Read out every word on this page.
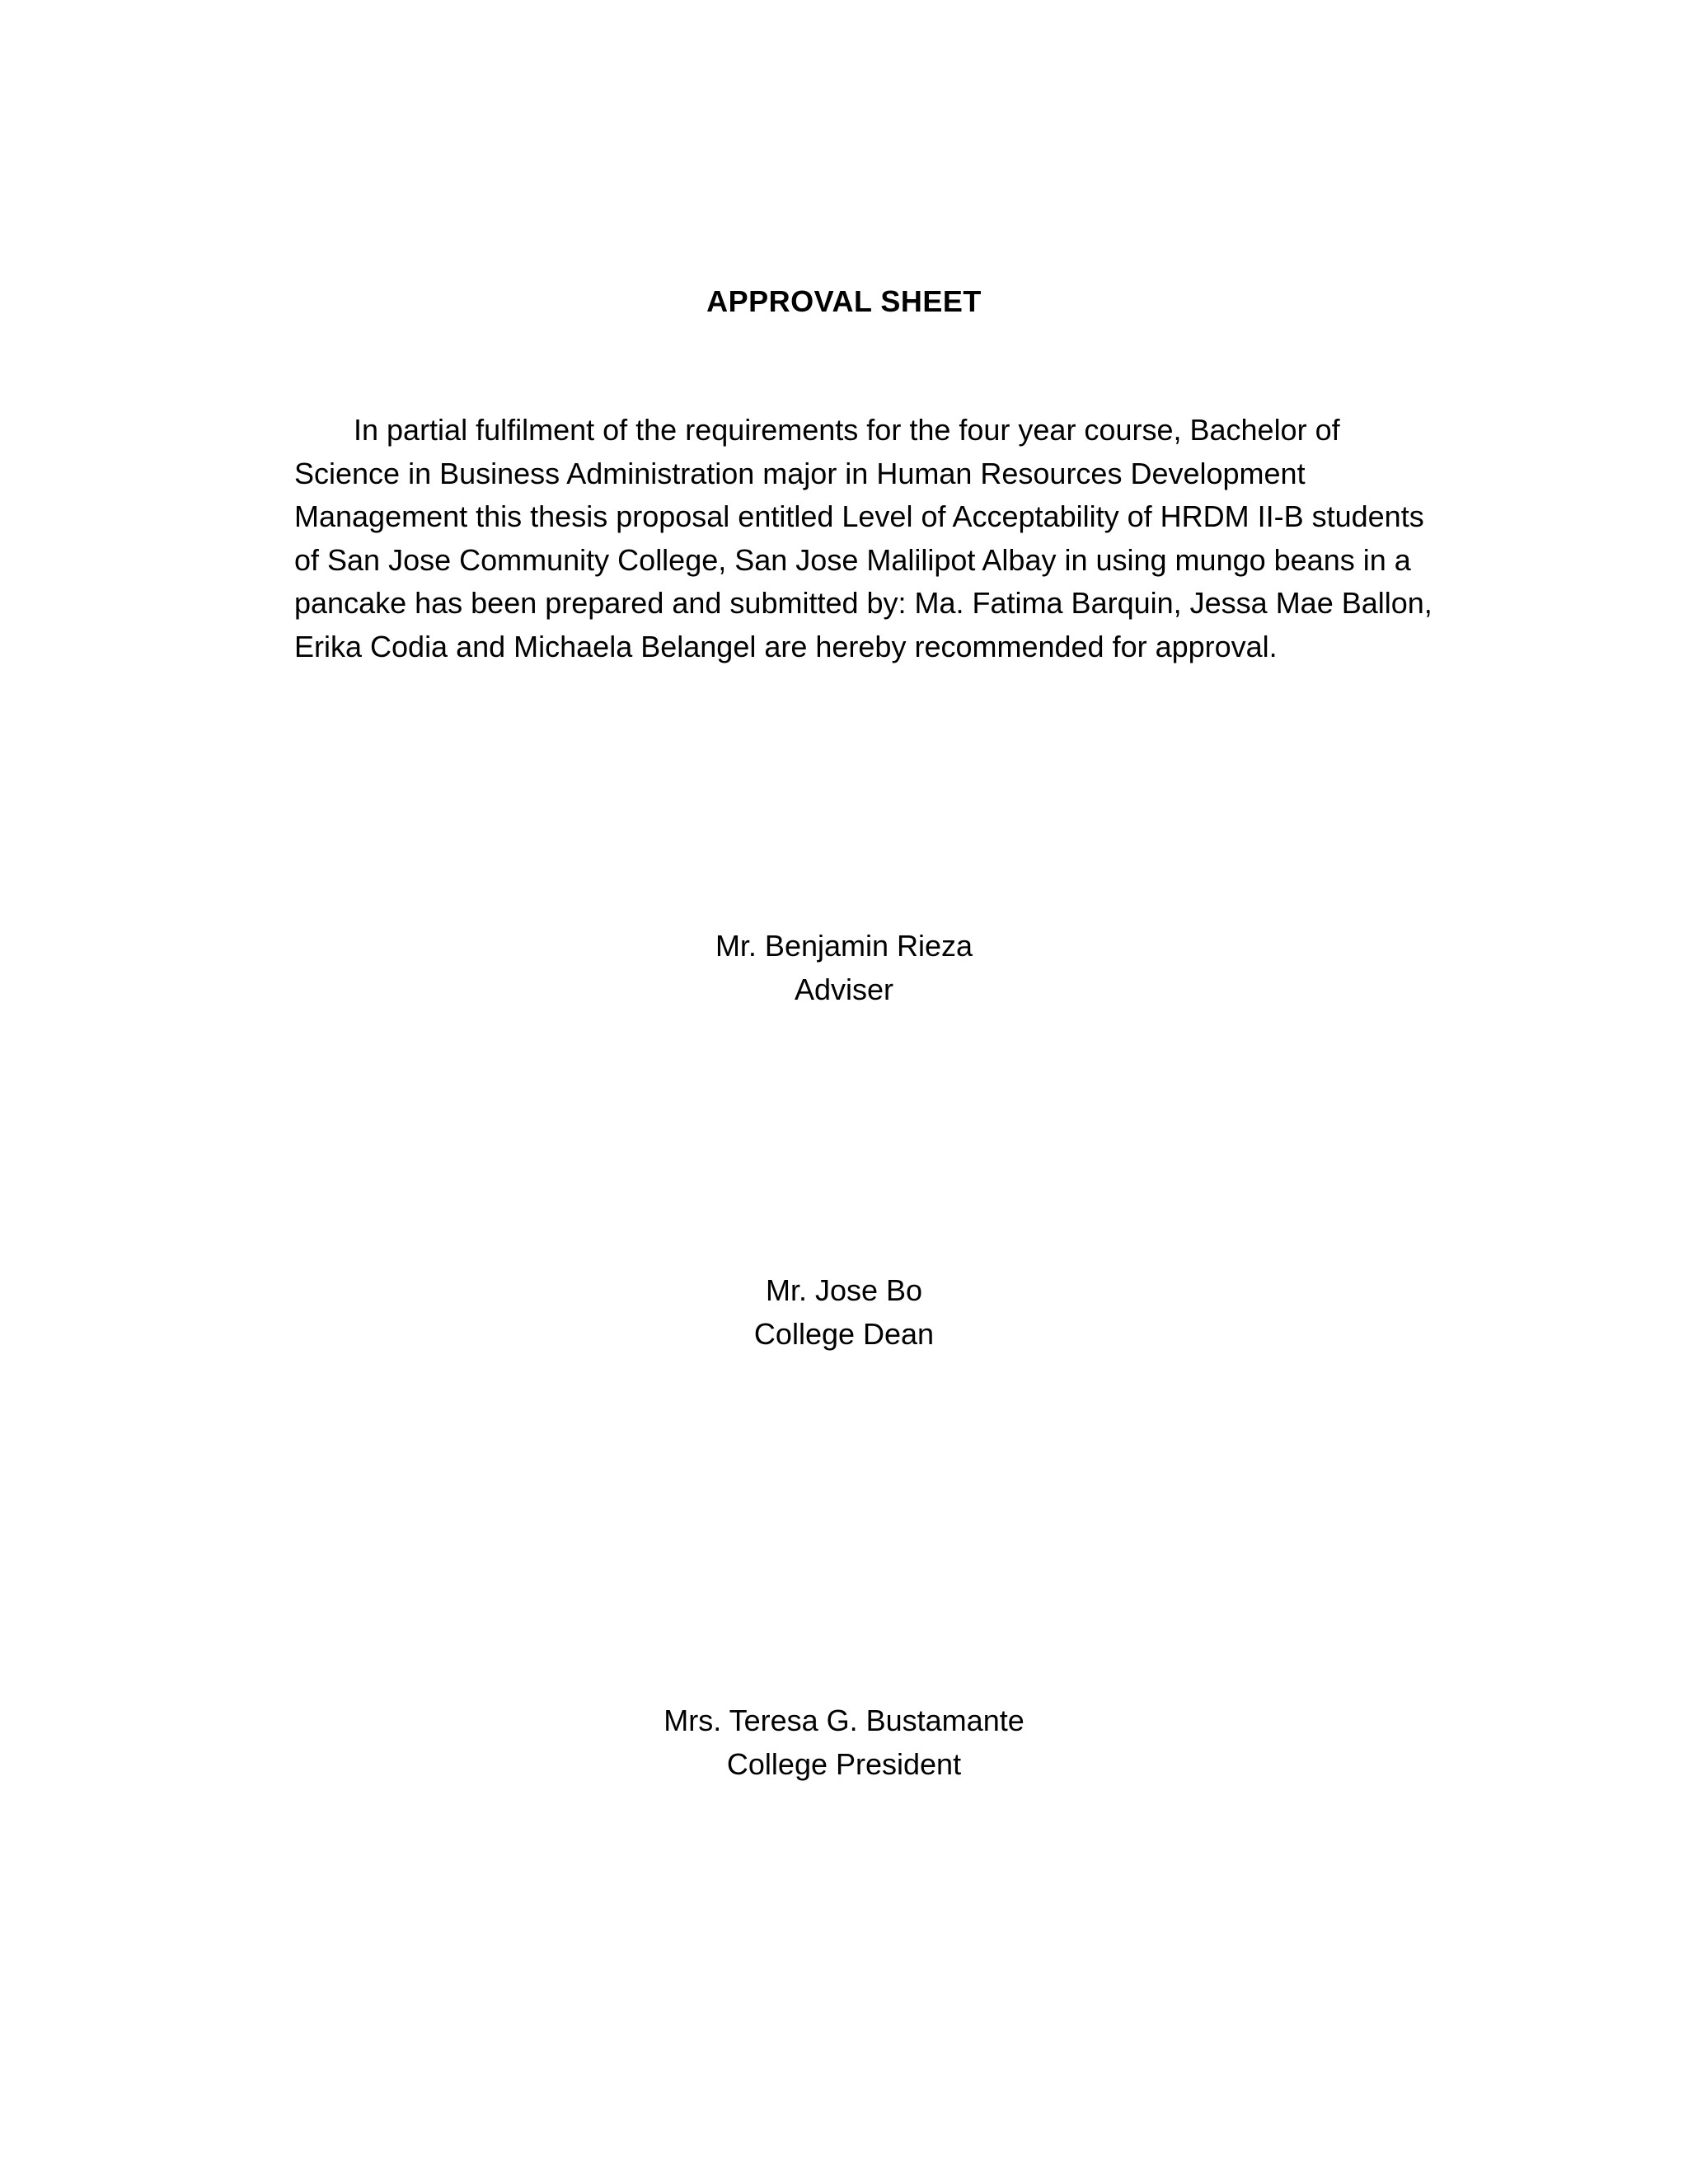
APPROVAL SHEET

In partial fulfilment of the requirements for the four year course, Bachelor of Science in Business Administration major in Human Resources Development Management this thesis proposal entitled Level of Acceptability of HRDM II-B students of San Jose Community College, San Jose Malilipot Albay in using mungo beans in a pancake has been prepared and submitted by: Ma. Fatima Barquin, Jessa Mae Ballon, Erika Codia and Michaela Belangel are hereby recommended for approval.

Mr. Benjamin Rieza
Adviser
Mr. Jose Bo
College Dean
Mrs. Teresa G. Bustamante
College President
